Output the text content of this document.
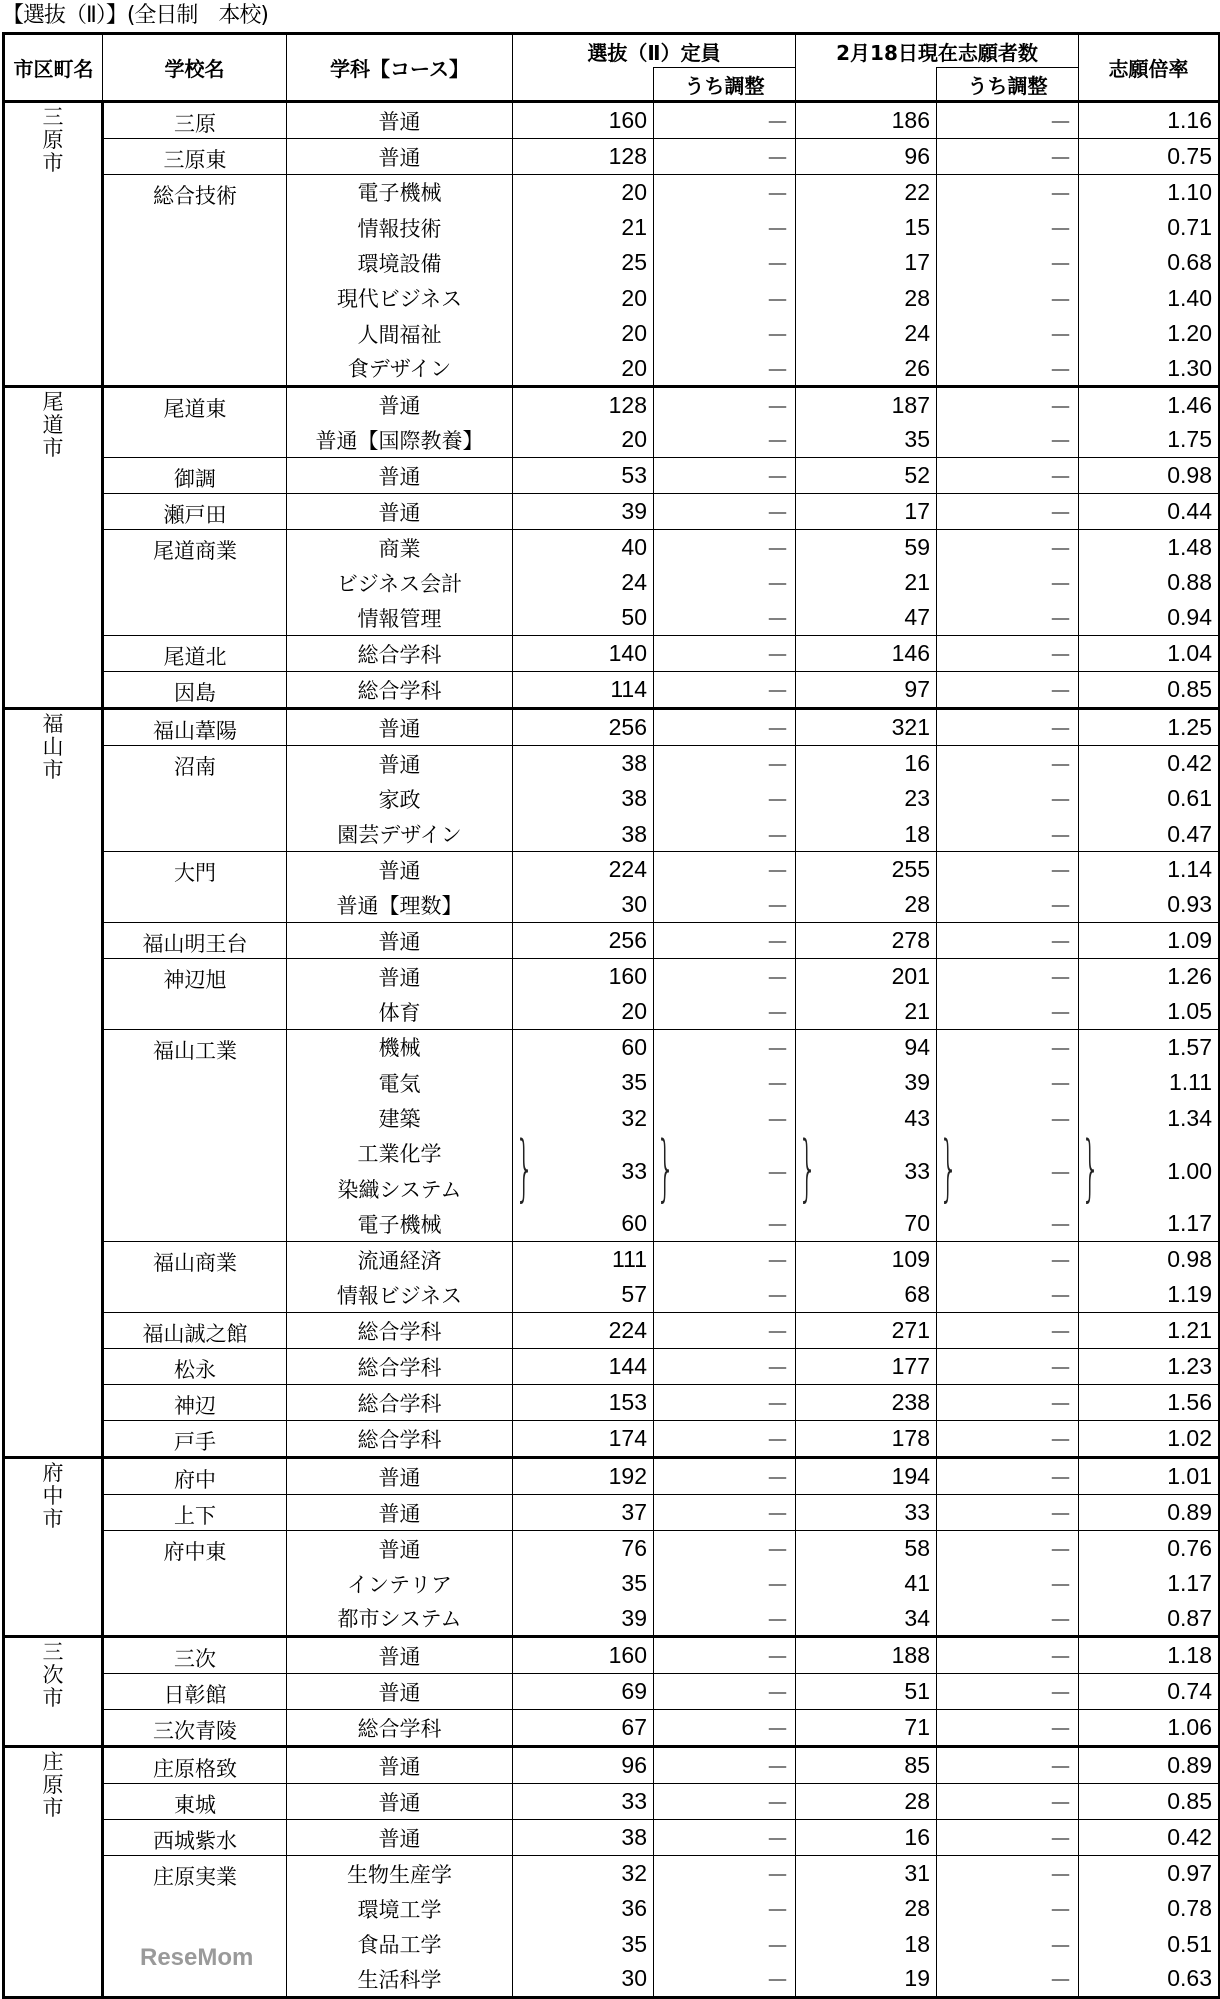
【選抜（Ⅱ）】(全日制　本校)
市区町名	学校名	学科【コース】	選抜（Ⅱ）定員		2月18日現在志願者数		志願倍率
				うち調整		うち調整	

三原市	三原	普通	160	－	186	－	1.16
	三原東	普通	128	－	96	－	0.75
	総合技術	電子機械	20	－	22	－	1.10
		情報技術	21	－	15	－	0.71
		環境設備	25	－	17	－	0.68
		現代ビジネス	20	－	28	－	1.40
		人間福祉	20	－	24	－	1.20
		食デザイン	20	－	26	－	1.30

尾道市	尾道東	普通	128	－	187	－	1.46
		普通【国際教養】	20	－	35	－	1.75
	御調	普通	53	－	52	－	0.98
	瀬戸田	普通	39	－	17	－	0.44
	尾道商業	商業	40	－	59	－	1.48
		ビジネス会計	24	－	21	－	0.88
		情報管理	50	－	47	－	0.94
	尾道北	総合学科	140	－	146	－	1.04
	因島	総合学科	114	－	97	－	0.85

福山市	福山葦陽	普通	256	－	321	－	1.25
	沼南	普通	38	－	16	－	0.42
		家政	38	－	23	－	0.61
		園芸デザイン	38	－	18	－	0.47
	大門	普通	224	－	255	－	1.14
		普通【理数】	30	－	28	－	0.93
	福山明王台	普通	256	－	278	－	1.09
	神辺旭	普通	160	－	201	－	1.26
		体育	20	－	21	－	1.05
	福山工業	機械	60	－	94	－	1.57
		電気	35	－	39	－	1.11
		建築	32	－	43	－	1.34
		工業化学	} 33	} －	} 33	} －	} 1.00
		染織システム					
		電子機械	60	－	70	－	1.17
	福山商業	流通経済	111	－	109	－	0.98
		情報ビジネス	57	－	68	－	1.19
	福山誠之館	総合学科	224	－	271	－	1.21
	松永	総合学科	144	－	177	－	1.23
	神辺	総合学科	153	－	238	－	1.56
	戸手	総合学科	174	－	178	－	1.02

府中市	府中	普通	192	－	194	－	1.01
	上下	普通	37	－	33	－	0.89
	府中東	普通	76	－	58	－	0.76
		インテリア	35	－	41	－	1.17
		都市システム	39	－	34	－	0.87

三次市	三次	普通	160	－	188	－	1.18
	日彰館	普通	69	－	51	－	0.74
	三次青陵	総合学科	67	－	71	－	1.06

庄原市	庄原格致	普通	96	－	85	－	0.89
	東城	普通	33	－	28	－	0.85
	西城紫水	普通	38	－	16	－	0.42
	庄原実業	生物生産学	32	－	31	－	0.97
		環境工学	36	－	28	－	0.78
		食品工学	35	－	18	－	0.51
		生活科学	30	－	19	－	0.63
ReseMom
